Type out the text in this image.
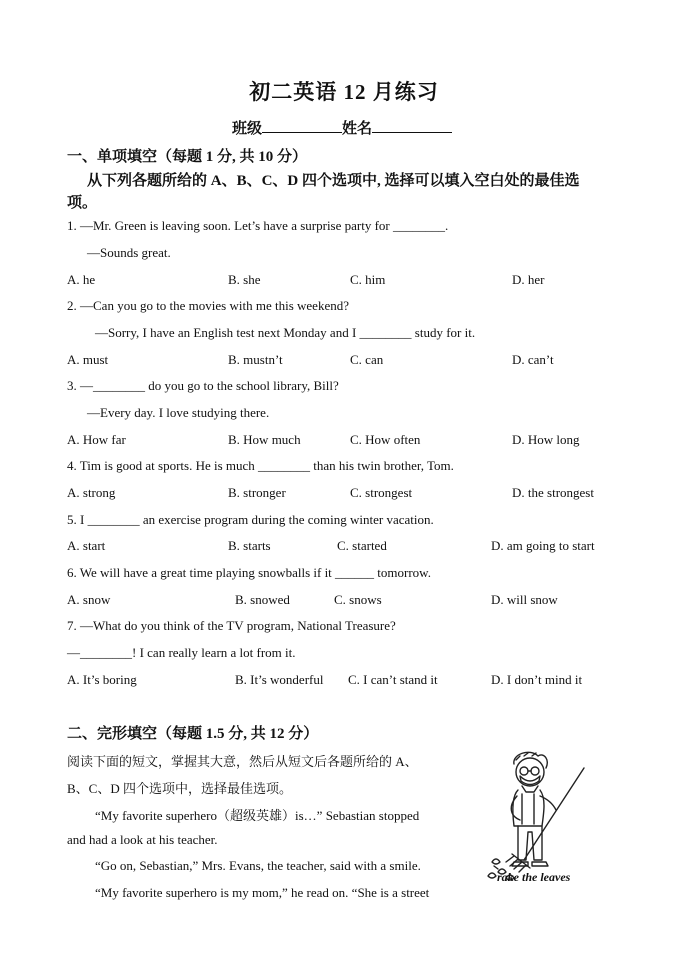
初二英语 12 月练习
班级	姓名
一、单项填空（每题 1 分, 共 10 分）
从下列各题所给的 A、B、C、D 四个选项中, 选择可以填入空白处的最佳选
项。
1. —Mr. Green is leaving soon. Let’s have a surprise party for ________.
—Sounds great.
A. he	B. she	C. him	D. her
2. —Can you go to the movies with me this weekend?
—Sorry, I have an English test next Monday and I ________ study for it.
A. must	B. mustn’t	C. can	D. can’t
3. —________ do you go to the school library, Bill?
—Every day. I love studying there.
A. How far	B. How much	C. How often	D. How long
4. Tim is good at sports. He is much ________ than his twin brother, Tom.
A. strong	B. stronger	C. strongest	D. the strongest
5. I ________ an exercise program during the coming winter vacation.
A. start	B. starts	C. started	D. am going to start
6. We will have a great time playing snowballs if it ______ tomorrow.
A. snow	B. snowed	C. snows	D. will snow
7. —What do you think of the TV program, National Treasure?
—________! I can really learn a lot from it.
A. It’s boring	B. It’s wonderful C. I can’t stand it	D. I don’t mind it
二、完形填空（每题 1.5 分, 共 12 分）
阅读下面的短文，掌握其大意，然后从短文后各题所给的 A、
B、C、D 四个选项中，选择最佳选项。
“My favorite superhero（超级英雄）is…” Sebastian stopped
and had a look at his teacher.
“Go on, Sebastian,” Mrs. Evans, the teacher, said with a smile.
“My favorite superhero is my mom,” he read on. “She is a street
rake the leaves
